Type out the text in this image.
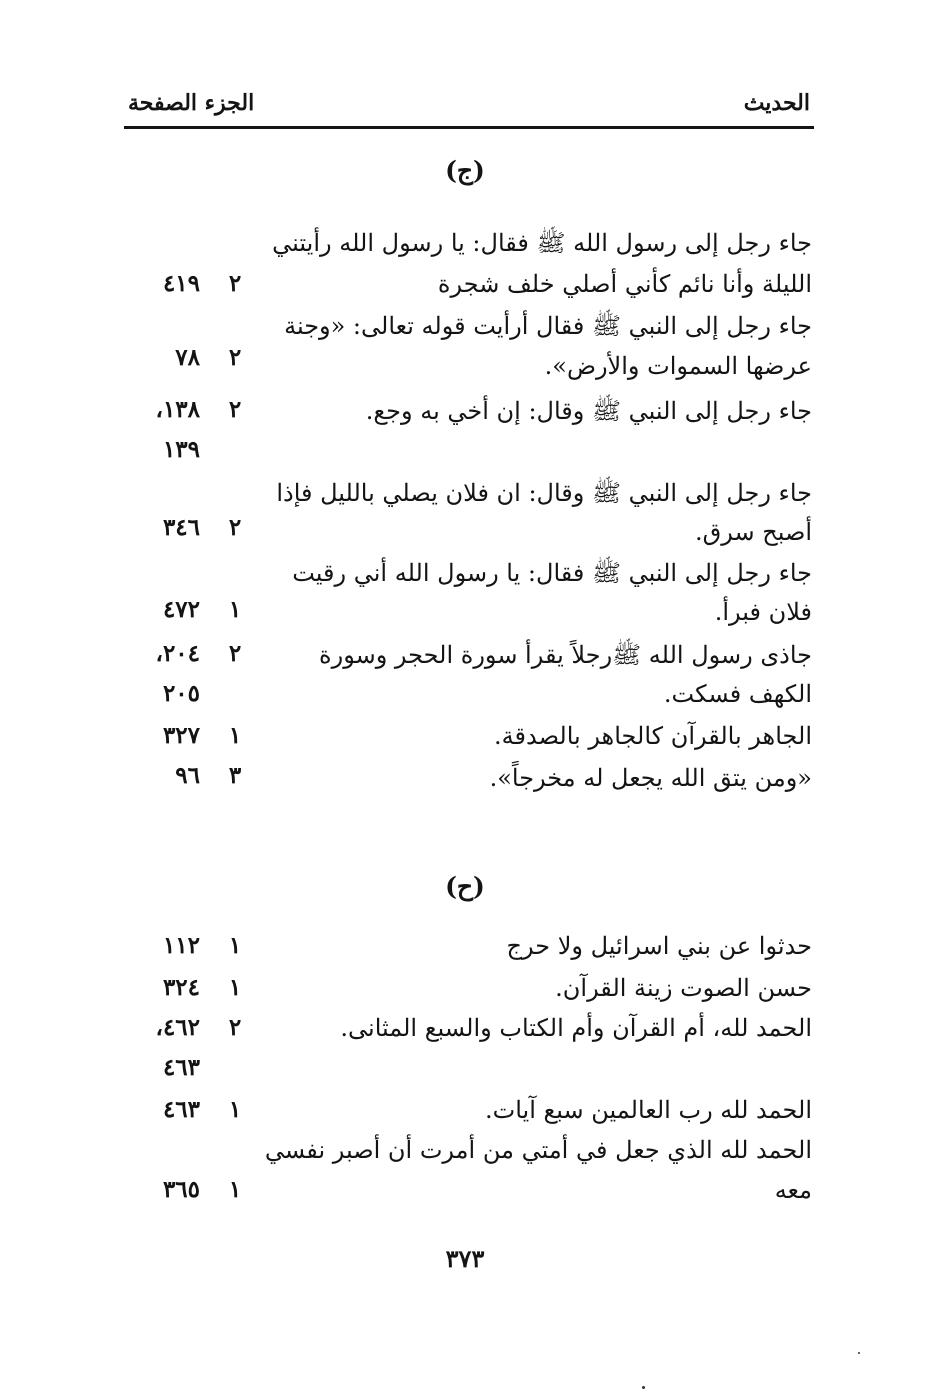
الحديث
الجزء الصفحة
(ج)
جاء رجل إلى رسول الله ﷺ فقال: يا رسول الله رأيتني
الليلة وأنا نائم كأني أصلي خلف شجرة
٢
٤١٩
جاء رجل إلى النبي ﷺ فقال أرأيت قوله تعالى: «وجنة
عرضها السموات والأرض».
٢
٧٨
جاء رجل إلى النبي ﷺ وقال: إن أخي به وجع.
٢
١٣٨،
١٣٩
جاء رجل إلى النبي ﷺ وقال: ان فلان يصلي بالليل فإذا
أصبح سرق.
٢
٣٤٦
جاء رجل إلى النبي ﷺ فقال: يا رسول الله أني رقيت
فلان فبرأ.
١
٤٧٢
جاذى رسول الله ﷺرجلاً يقرأ سورة الحجر وسورة
الكهف فسكت.
٢
٢٠٤،
٢٠٥
الجاهر بالقرآن كالجاهر بالصدقة.
١
٣٢٧
«ومن يتق الله يجعل له مخرجاً».
٣
٩٦
(ح)
حدثوا عن بني اسرائيل ولا حرج
١
١١٢
حسن الصوت زينة القرآن.
١
٣٢٤
الحمد لله، أم القرآن وأم الكتاب والسبع المثانى.
٢
٤٦٢،
٤٦٣
الحمد لله رب العالمين سبع آيات.
١
٤٦٣
الحمد لله الذي جعل في أمتي من أمرت أن أصبر نفسي
معه
١
٣٦٥
٣٧٣
